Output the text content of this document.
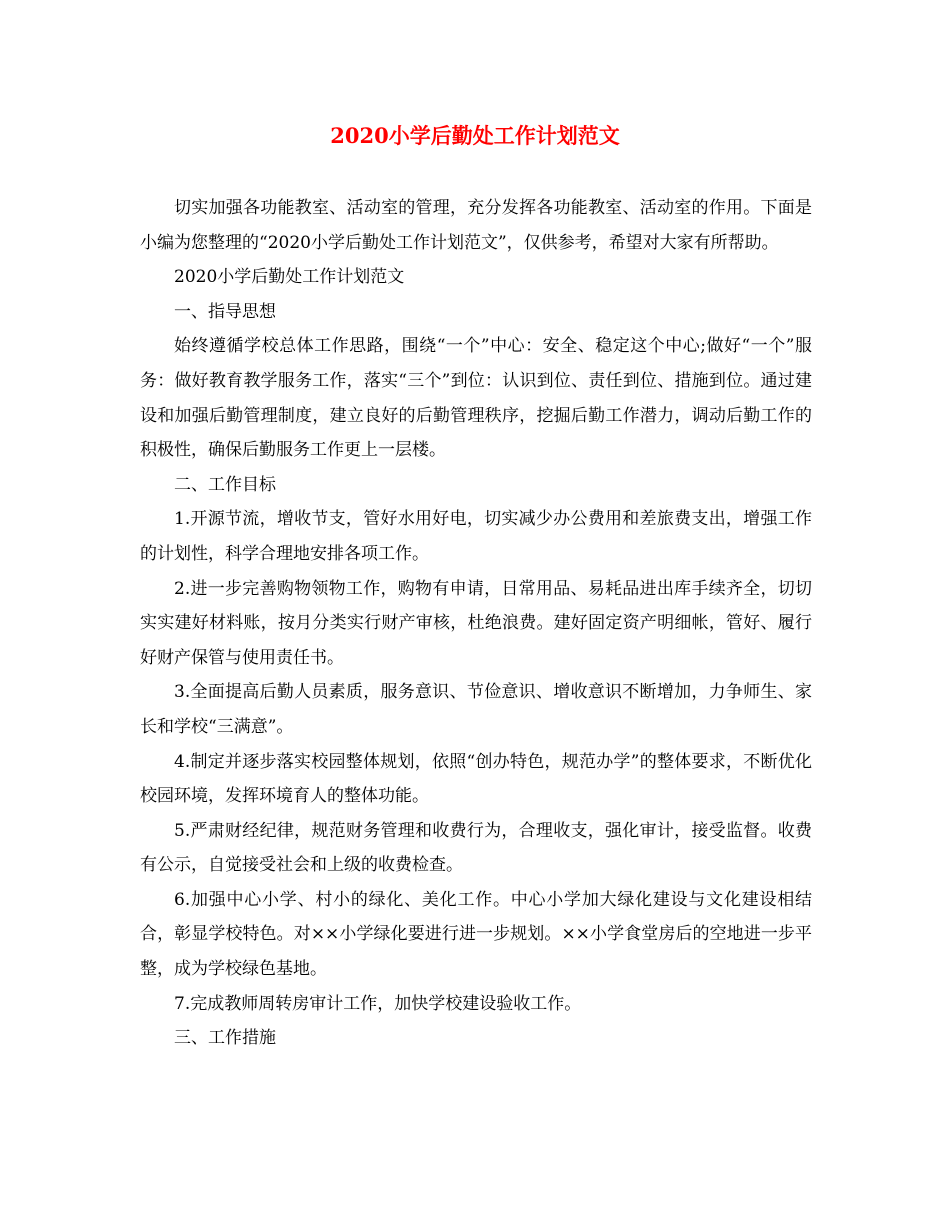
2020小学后勤处工作计划范文

切实加强各功能教室、活动室的管理，充分发挥各功能教室、活动室的作用。下面是小编为您整理的“2020小学后勤处工作计划范文”，仅供参考，希望对大家有所帮助。

2020小学后勤处工作计划范文

一、指导思想

始终遵循学校总体工作思路，围绕“一个”中心：安全、稳定这个中心;做好“一个”服务：做好教育教学服务工作，落实“三个”到位：认识到位、责任到位、措施到位。通过建设和加强后勤管理制度，建立良好的后勤管理秩序，挖掘后勤工作潜力，调动后勤工作的积极性，确保后勤服务工作更上一层楼。

二、工作目标

1.开源节流，增收节支，管好水用好电，切实减少办公费用和差旅费支出，增强工作的计划性，科学合理地安排各项工作。

2.进一步完善购物领物工作，购物有申请，日常用品、易耗品进出库手续齐全，切切实实建好材料账，按月分类实行财产审核，杜绝浪费。建好固定资产明细帐，管好、履行好财产保管与使用责任书。

3.全面提高后勤人员素质，服务意识、节俭意识、增收意识不断增加，力争师生、家长和学校“三满意”。

4.制定并逐步落实校园整体规划，依照“创办特色，规范办学”的整体要求，不断优化校园环境，发挥环境育人的整体功能。

5.严肃财经纪律，规范财务管理和收费行为，合理收支，强化审计，接受监督。收费有公示，自觉接受社会和上级的收费检查。

6.加强中心小学、村小的绿化、美化工作。中心小学加大绿化建设与文化建设相结合，彰显学校特色。对××小学绿化要进行进一步规划。××小学食堂房后的空地进一步平整，成为学校绿色基地。

7.完成教师周转房审计工作，加快学校建设验收工作。

三、工作措施
